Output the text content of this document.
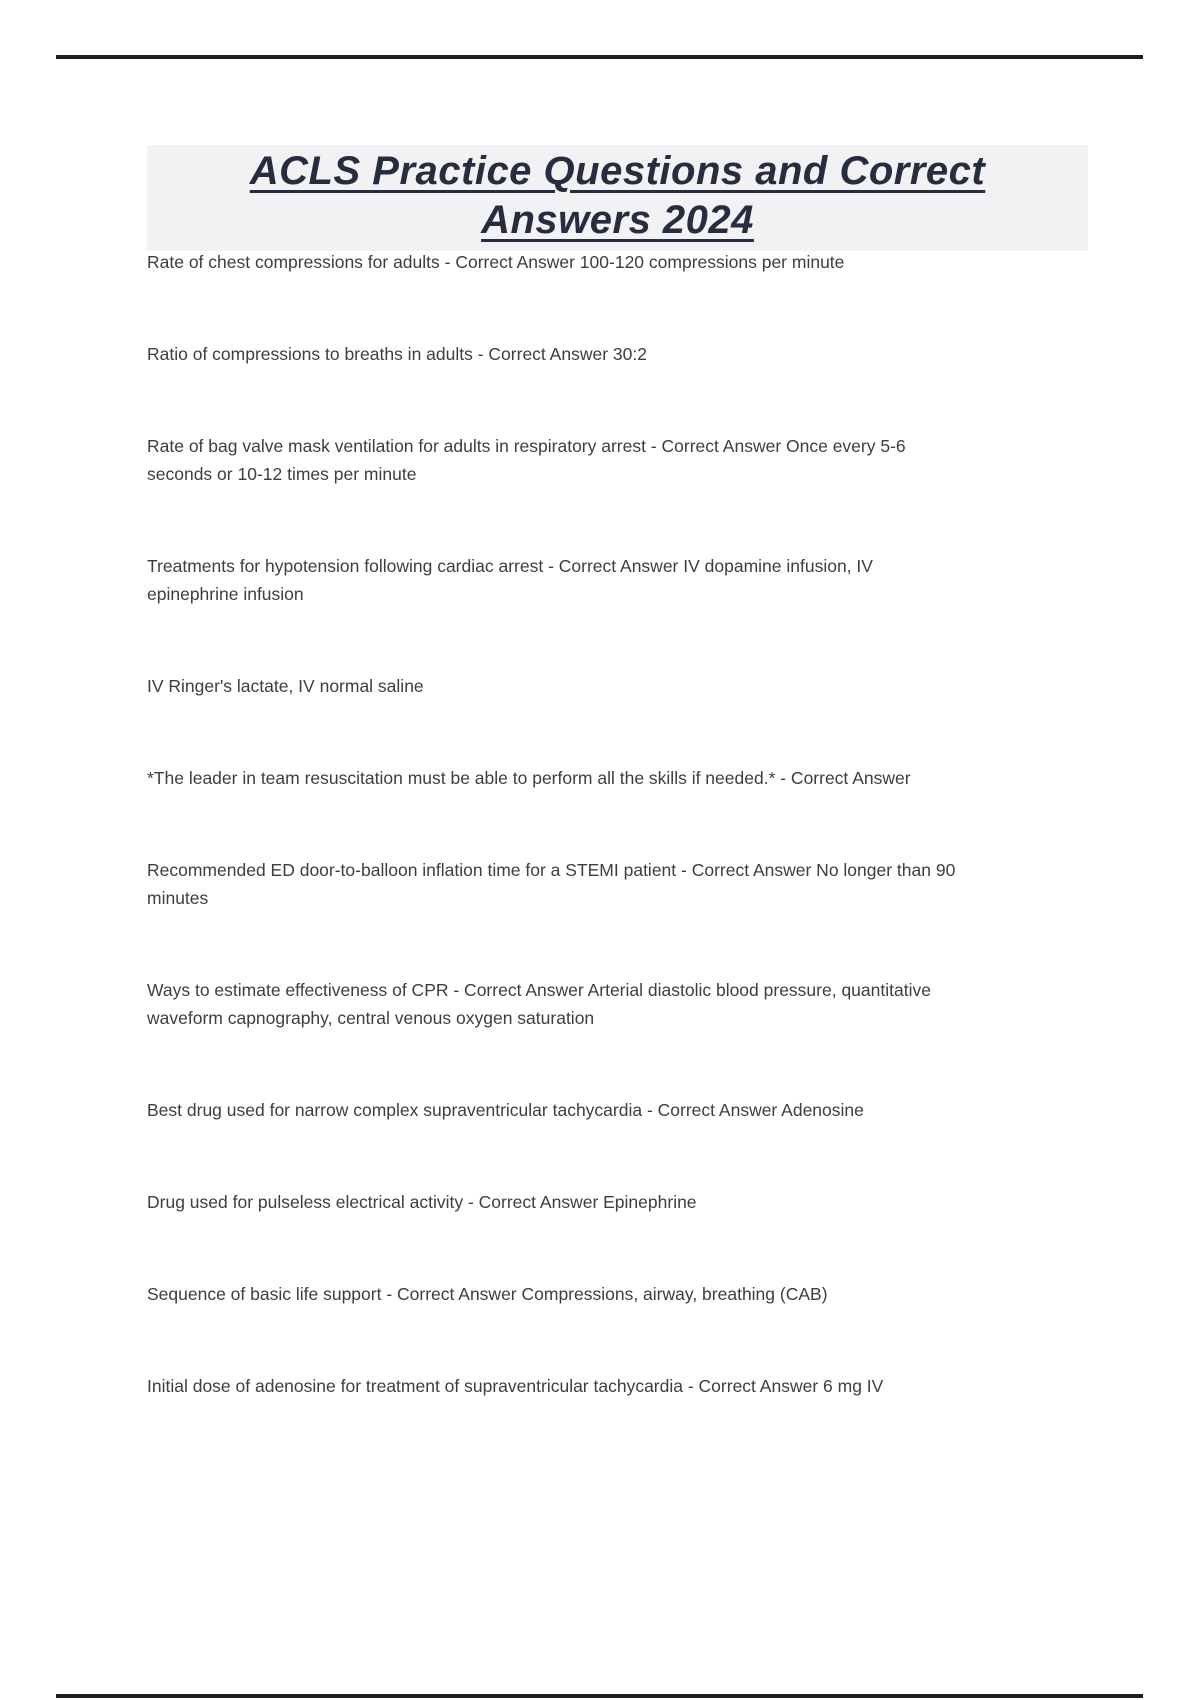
ACLS Practice Questions and Correct
Answers 2024
Rate of chest compressions for adults - Correct Answer 100-120 compressions per minute
Ratio of compressions to breaths in adults - Correct Answer 30:2
Rate of bag valve mask ventilation for adults in respiratory arrest - Correct Answer Once every 5-6
seconds or 10-12 times per minute
Treatments for hypotension following cardiac arrest - Correct Answer IV dopamine infusion, IV
epinephrine infusion
IV Ringer's lactate, IV normal saline
*The leader in team resuscitation must be able to perform all the skills if needed.* - Correct Answer
Recommended ED door-to-balloon inflation time for a STEMI patient - Correct Answer No longer than 90
minutes
Ways to estimate effectiveness of CPR - Correct Answer Arterial diastolic blood pressure, quantitative
waveform capnography, central venous oxygen saturation
Best drug used for narrow complex supraventricular tachycardia - Correct Answer Adenosine
Drug used for pulseless electrical activity - Correct Answer Epinephrine
Sequence of basic life support - Correct Answer Compressions, airway, breathing (CAB)
Initial dose of adenosine for treatment of supraventricular tachycardia - Correct Answer 6 mg IV
